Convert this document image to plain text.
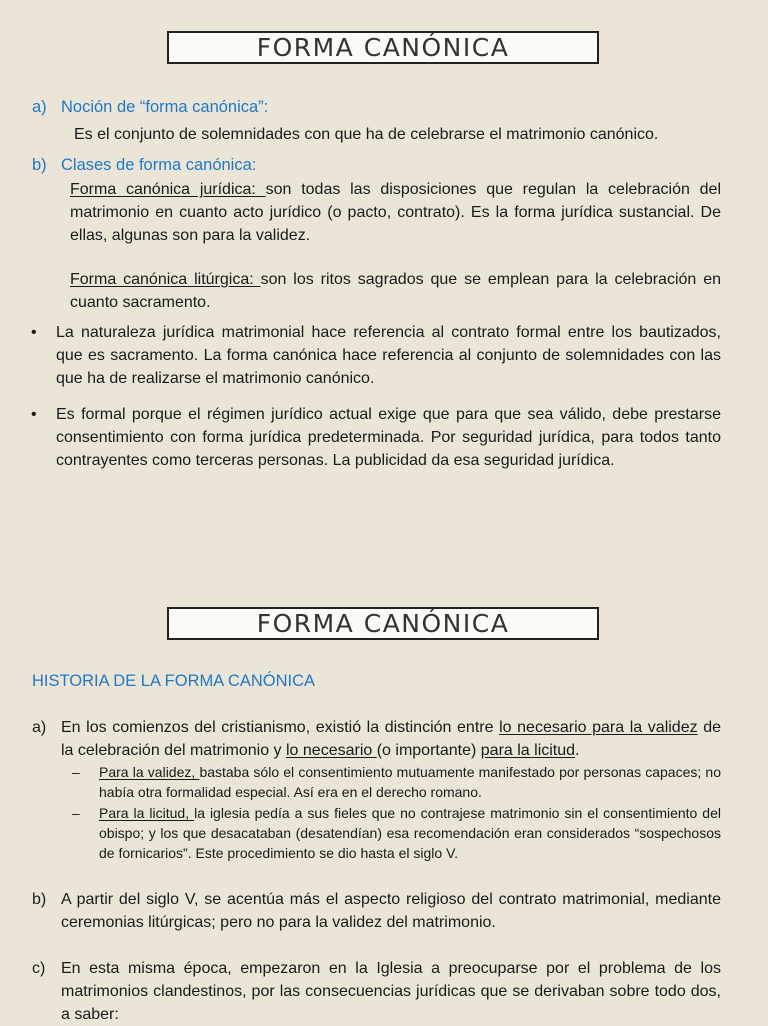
FORMA CANÓNICA
a) Noción de “forma canónica”:
Es el conjunto de solemnidades con que ha de celebrarse el matrimonio canónico.
b) Clases de forma canónica:
Forma canónica jurídica: son todas las disposiciones que regulan la celebración del matrimonio en cuanto acto jurídico (o pacto, contrato). Es la forma jurídica sustancial. De ellas, algunas son para la validez.
Forma canónica litúrgica: son los ritos sagrados que se emplean para la celebración en cuanto sacramento.
• La naturaleza jurídica matrimonial hace referencia al contrato formal entre los bautizados, que es sacramento. La forma canónica hace referencia al conjunto de solemnidades con las que ha de realizarse el matrimonio canónico.
• Es formal porque el régimen jurídico actual exige que para que sea válido, debe prestarse consentimiento con forma jurídica predeterminada. Por seguridad jurídica, para todos tanto contrayentes como terceras personas. La publicidad da esa seguridad jurídica.
FORMA CANÓNICA
HISTORIA DE LA FORMA CANÓNICA
a) En los comienzos del cristianismo, existió la distinción entre lo necesario para la validez de la celebración del matrimonio y lo necesario (o importante) para la licitud.
– Para la validez, bastaba sólo el consentimiento mutuamente manifestado por personas capaces; no había otra formalidad especial. Así era en el derecho romano.
– Para la licitud, la iglesia pedía a sus fieles que no contrajese matrimonio sin el consentimiento del obispo; y los que desacataban (desatendían) esa recomendación eran considerados “sospechosos de fornicarios”. Este procedimiento se dio hasta el siglo V.
b) A partir del siglo V, se acentúa más el aspecto religioso del contrato matrimonial, mediante ceremonias litúrgicas; pero no para la validez del matrimonio.
c) En esta misma época, empezaron en la Iglesia a preocuparse por el problema de los matrimonios clandestinos, por las consecuencias jurídicas que se derivaban sobre todo dos, a saber:
